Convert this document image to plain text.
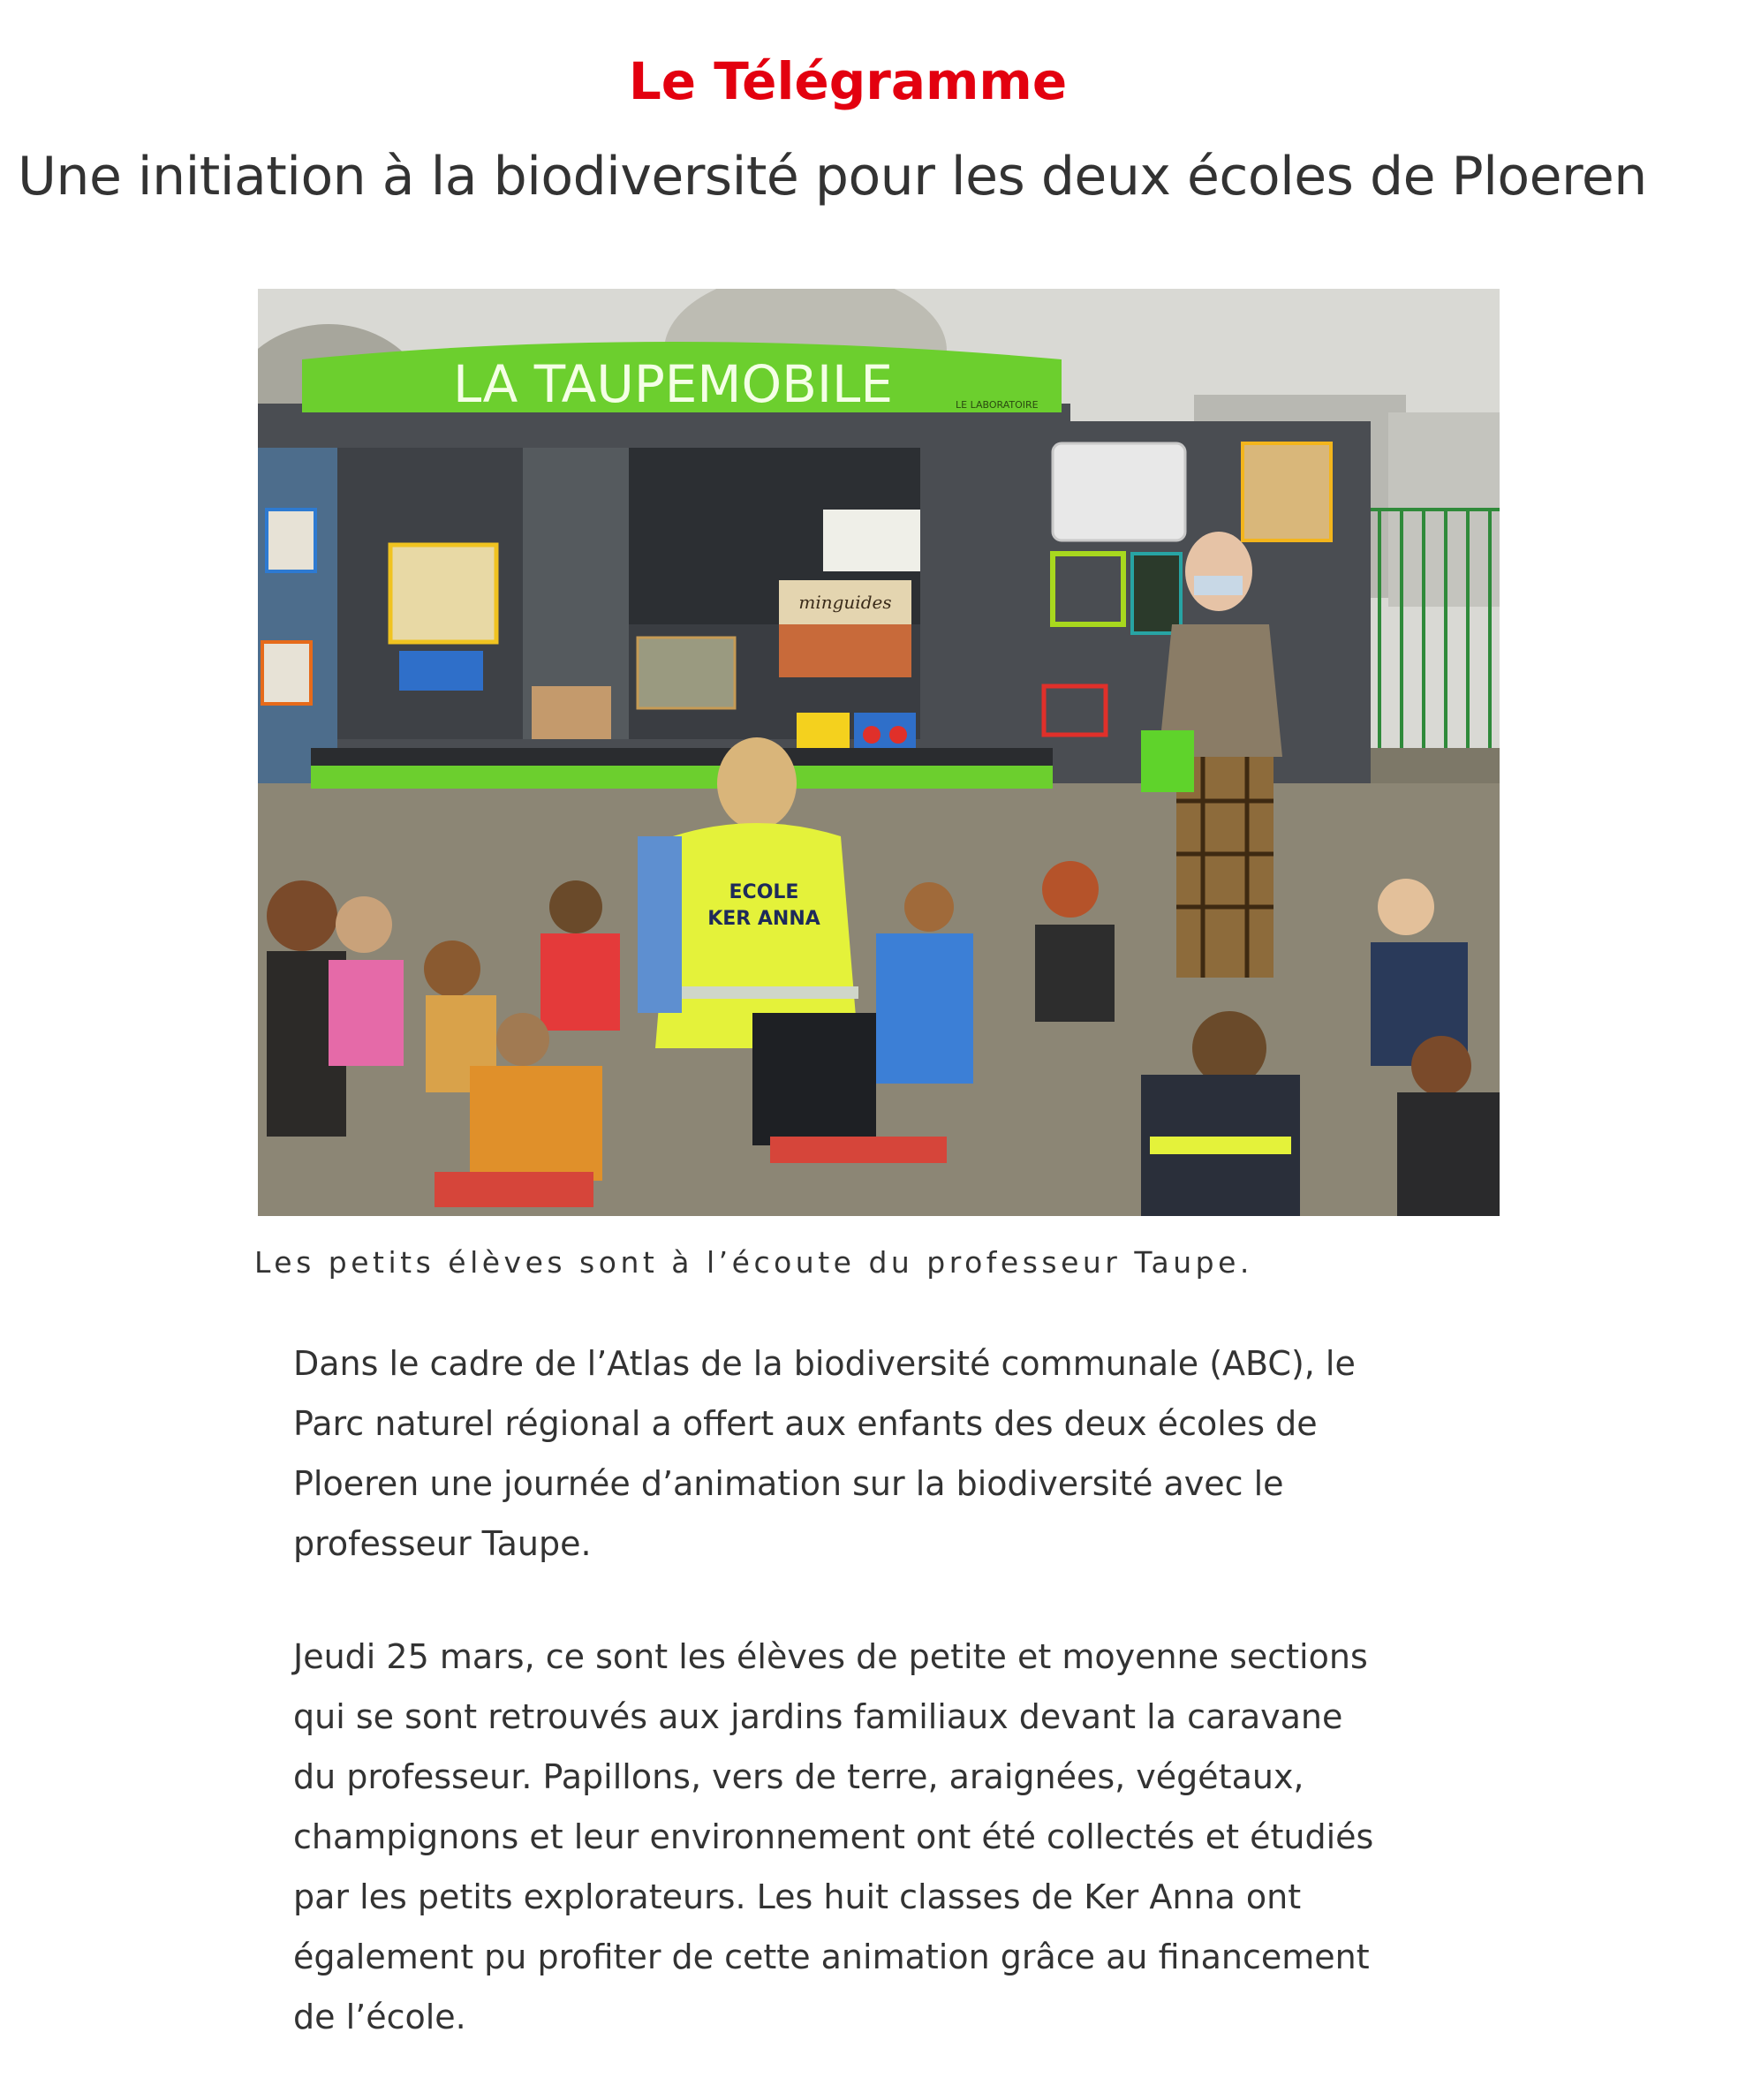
Le Télégramme
Une initiation à la biodiversité pour les deux écoles de Ploeren
LA TAUPEMOBILE	LE LABORATOIRE
minguides
ECOLE
KER ANNA
Les petits élèves sont à l’écoute du professeur Taupe.

Dans le cadre de l’Atlas de la biodiversité communale (ABC), le
Parc naturel régional a offert aux enfants des deux écoles de
Ploeren une journée d’animation sur la biodiversité avec le
professeur Taupe.

Jeudi 25 mars, ce sont les élèves de petite et moyenne sections
qui se sont retrouvés aux jardins familiaux devant la caravane
du professeur. Papillons, vers de terre, araignées, végétaux,
champignons et leur environnement ont été collectés et étudiés
par les petits explorateurs. Les huit classes de Ker Anna ont
également pu profiter de cette animation grâce au financement
de l’école.
